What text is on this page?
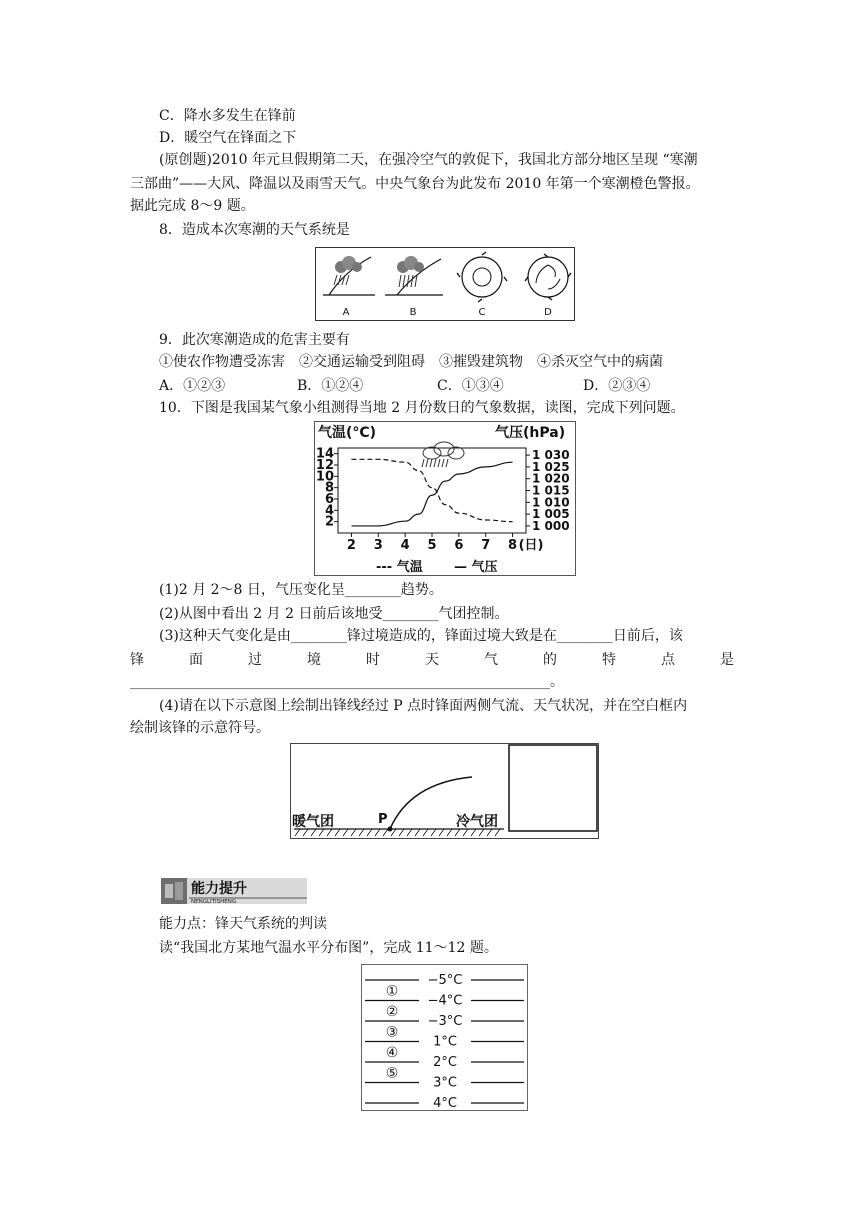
C．降水多发生在锋前
D．暖空气在锋面之下
(原创题)2010 年元旦假期第二天，在强冷空气的敦促下，我国北方部分地区呈现 “寒潮
三部曲”——大风、降温以及雨雪天气。中央气象台为此发布 2010 年第一个寒潮橙色警报。
据此完成 8～9 题。
8．造成本次寒潮的天气系统是
A	B	C	D
9．此次寒潮造成的危害主要有
①使农作物遭受冻害　②交通运输受到阻碍　③摧毁建筑物　④杀灭空气中的病菌
A．①②③	B．①②④	C．①③④	D．②③④
10．下图是我国某气象小组测得当地 2 月份数日的气象数据，读图，完成下列问题。
气温(°C)	气压(hPa)
14
12
10
8
6
4
2
1 030
1 025
1 020
1 015
1 010
1 005
1 000
2 3 4 5 6 7 8 (日)
--- 气温 — 气压
(1)2 月 2～8 日，气压变化呈________趋势。
(2)从图中看出 2 月 2 日前后该地受________气团控制。
(3)这种天气变化是由________锋过境造成的，锋面过境大致是在________日前后，该
锋	面	过	境	时	天	气	的	特	点	是
____________________________________________________________。
(4)请在以下示意图上绘制出锋线经过 P 点时锋面两侧气流、天气状况，并在空白框内
绘制该锋的示意符号。
暖气团	P	冷气团
能力提升
NENGLITISHENG
能力点：锋天气系统的判读
读“我国北方某地气温水平分布图”，完成 11～12 题。
−5°C
−4°C
−3°C
1°C
2°C
3°C
4°C
①
②
③
④
⑤
